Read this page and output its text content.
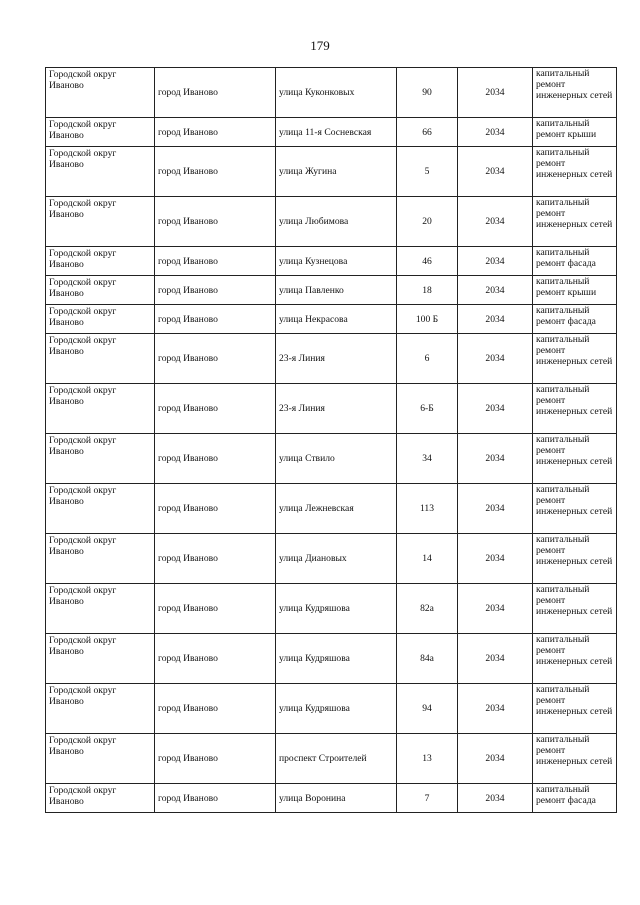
179
Городской округ Иваново	город Иваново	улица Куконковых	90	2034	капитальный ремонт инженерных сетей
Городской округ Иваново	город Иваново	улица 11-я Сосневская	66	2034	капитальный ремонт крыши
Городской округ Иваново	город Иваново	улица Жугина	5	2034	капитальный ремонт инженерных сетей
Городской округ Иваново	город Иваново	улица Любимова	20	2034	капитальный ремонт инженерных сетей
Городской округ Иваново	город Иваново	улица Кузнецова	46	2034	капитальный ремонт фасада
Городской округ Иваново	город Иваново	улица Павленко	18	2034	капитальный ремонт крыши
Городской округ Иваново	город Иваново	улица Некрасова	100 Б	2034	капитальный ремонт фасада
Городской округ Иваново	город Иваново	23-я Линия	6	2034	капитальный ремонт инженерных сетей
Городской округ Иваново	город Иваново	23-я Линия	6-Б	2034	капитальный ремонт инженерных сетей
Городской округ Иваново	город Иваново	улица Ствило	34	2034	капитальный ремонт инженерных сетей
Городской округ Иваново	город Иваново	улица Лежневская	113	2034	капитальный ремонт инженерных сетей
Городской округ Иваново	город Иваново	улица Диановых	14	2034	капитальный ремонт инженерных сетей
Городской округ Иваново	город Иваново	улица Кудряшова	82а	2034	капитальный ремонт инженерных сетей
Городской округ Иваново	город Иваново	улица Кудряшова	84а	2034	капитальный ремонт инженерных сетей
Городской округ Иваново	город Иваново	улица Кудряшова	94	2034	капитальный ремонт инженерных сетей
Городской округ Иваново	город Иваново	проспект Строителей	13	2034	капитальный ремонт инженерных сетей
Городской округ Иваново	город Иваново	улица Воронина	7	2034	капитальный ремонт фасада
